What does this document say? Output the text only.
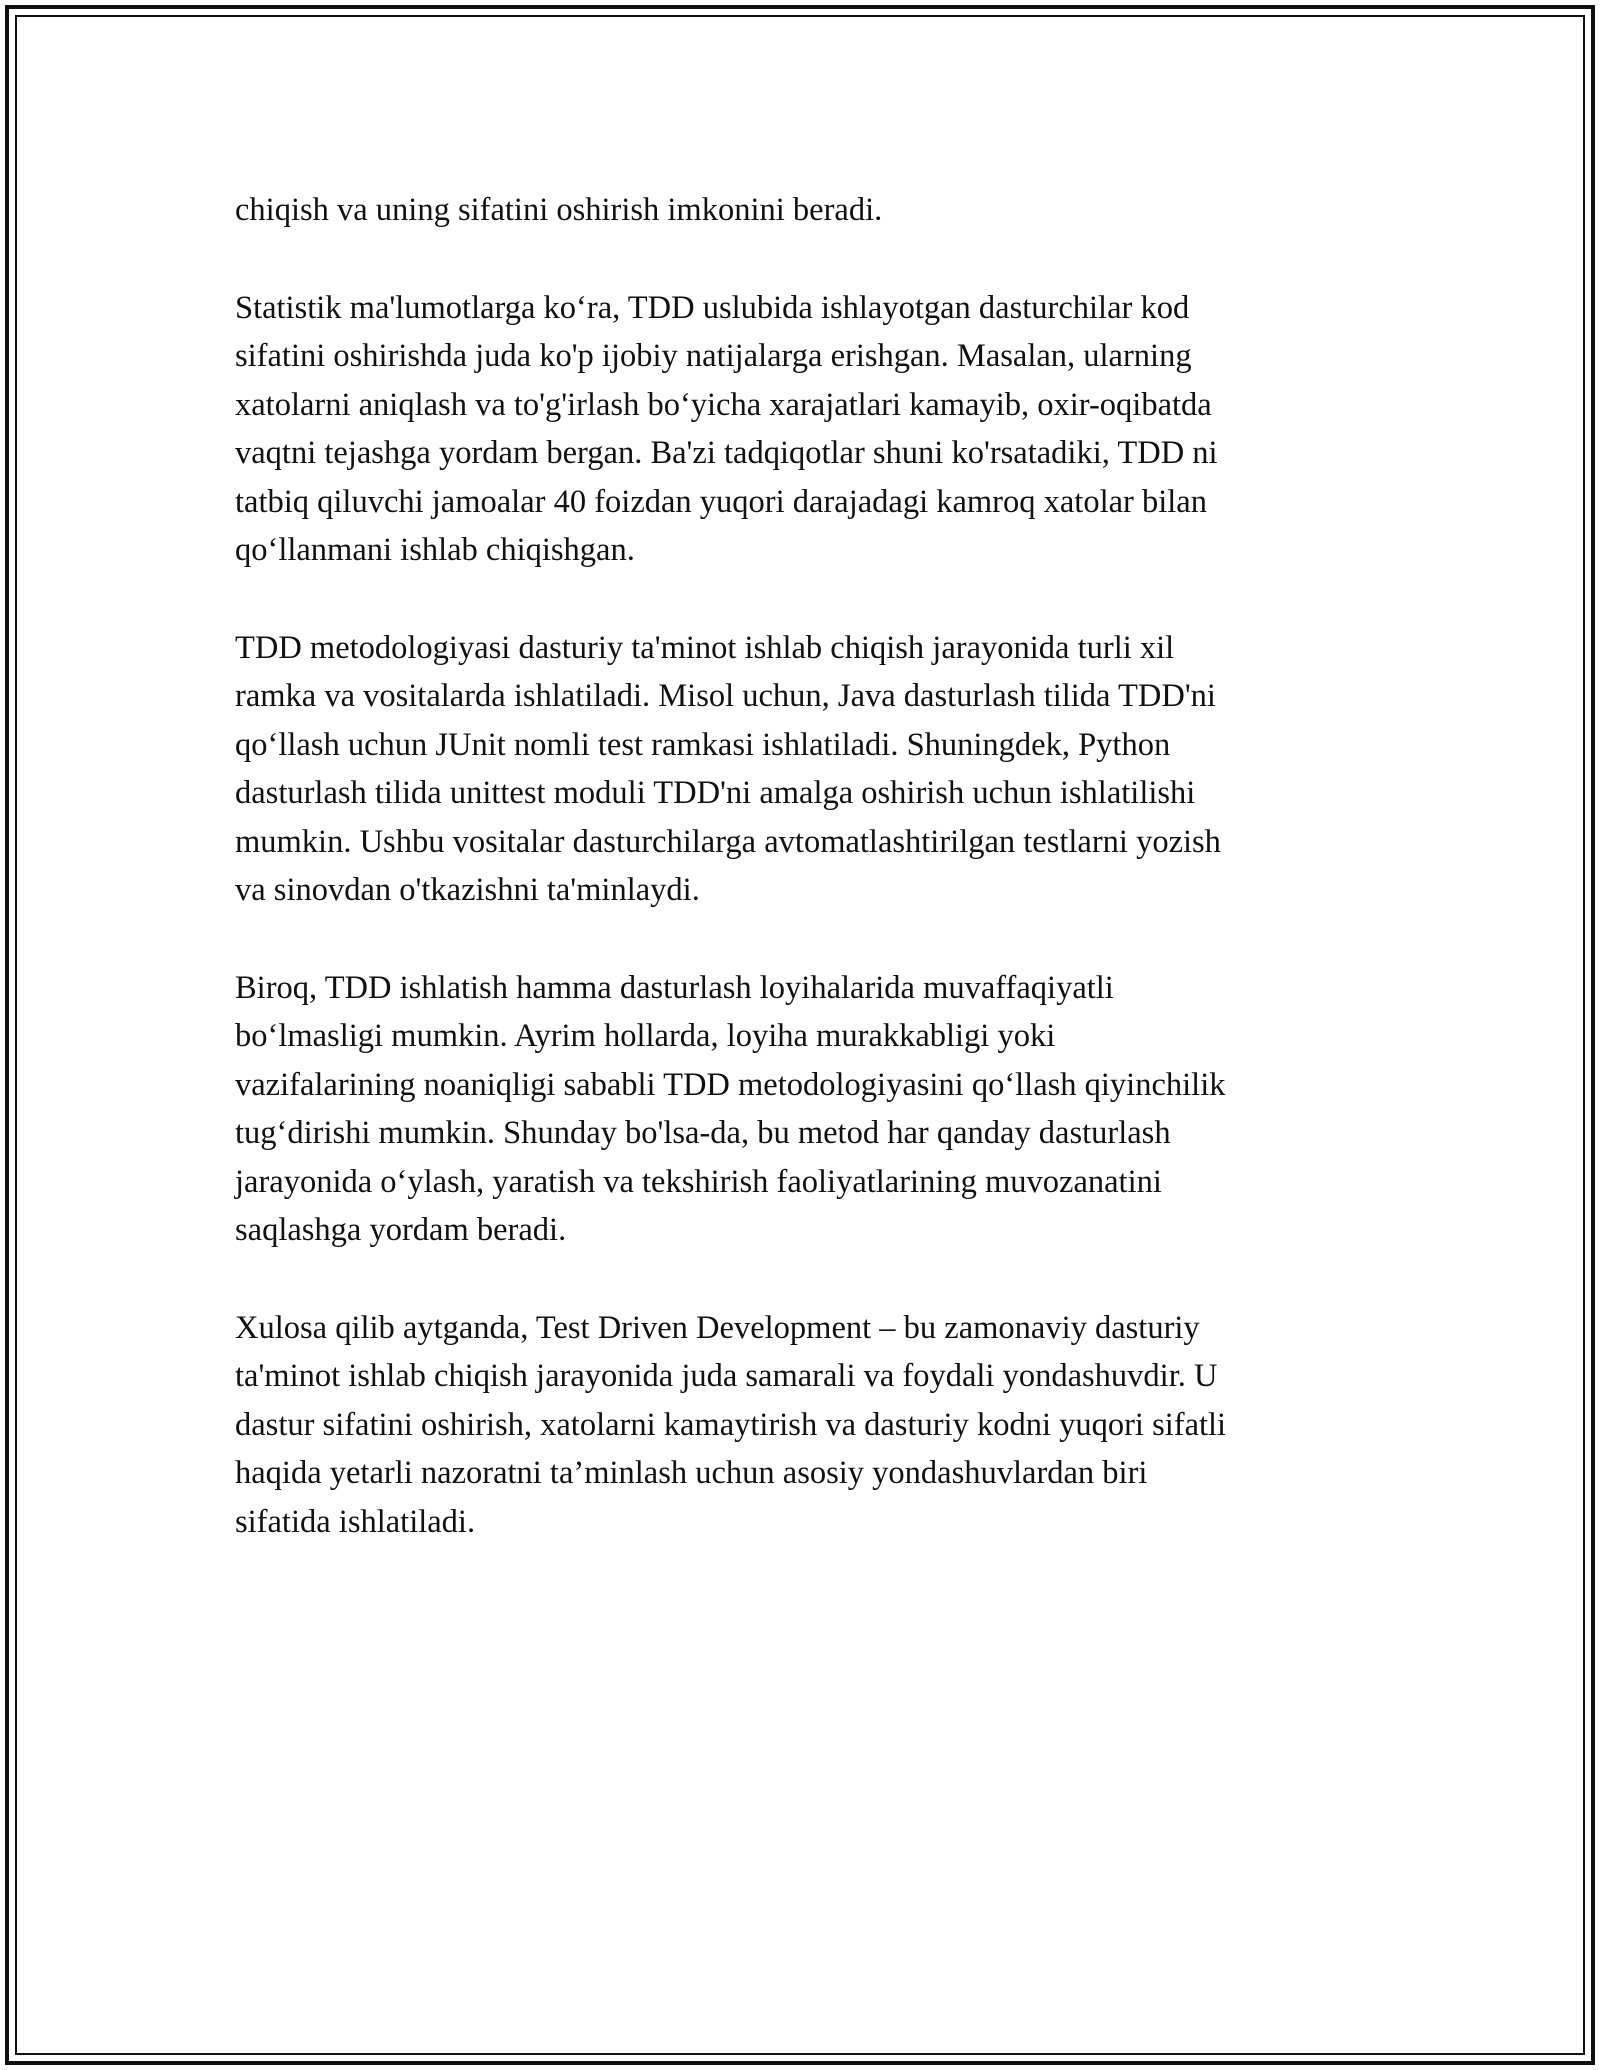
chiqish va uning sifatini oshirish imkonini beradi.

Statistik ma'lumotlarga ko‘ra, TDD uslubida ishlayotgan dasturchilar kod
sifatini oshirishda juda ko'p ijobiy natijalarga erishgan. Masalan, ularning
xatolarni aniqlash va to'g'irlash bo‘yicha xarajatlari kamayib, oxir-oqibatda
vaqtni tejashga yordam bergan. Ba'zi tadqiqotlar shuni ko'rsatadiki, TDD ni
tatbiq qiluvchi jamoalar 40 foizdan yuqori darajadagi kamroq xatolar bilan
qo‘llanmani ishlab chiqishgan.

TDD metodologiyasi dasturiy ta'minot ishlab chiqish jarayonida turli xil
ramka va vositalarda ishlatiladi. Misol uchun, Java dasturlash tilida TDD'ni
qo‘llash uchun JUnit nomli test ramkasi ishlatiladi. Shuningdek, Python
dasturlash tilida unittest moduli TDD'ni amalga oshirish uchun ishlatilishi
mumkin. Ushbu vositalar dasturchilarga avtomatlashtirilgan testlarni yozish
va sinovdan o'tkazishni ta'minlaydi.

Biroq, TDD ishlatish hamma dasturlash loyihalarida muvaffaqiyatli
bo‘lmasligi mumkin. Ayrim hollarda, loyiha murakkabligi yoki
vazifalarining noaniqligi sababli TDD metodologiyasini qo‘llash qiyinchilik
tug‘dirishi mumkin. Shunday bo'lsa-da, bu metod har qanday dasturlash
jarayonida o‘ylash, yaratish va tekshirish faoliyatlarining muvozanatini
saqlashga yordam beradi.

Xulosa qilib aytganda, Test Driven Development – bu zamonaviy dasturiy
ta'minot ishlab chiqish jarayonida juda samarali va foydali yondashuvdir. U
dastur sifatini oshirish, xatolarni kamaytirish va dasturiy kodni yuqori sifatli
haqida yetarli nazoratni ta’minlash uchun asosiy yondashuvlardan biri
sifatida ishlatiladi.
